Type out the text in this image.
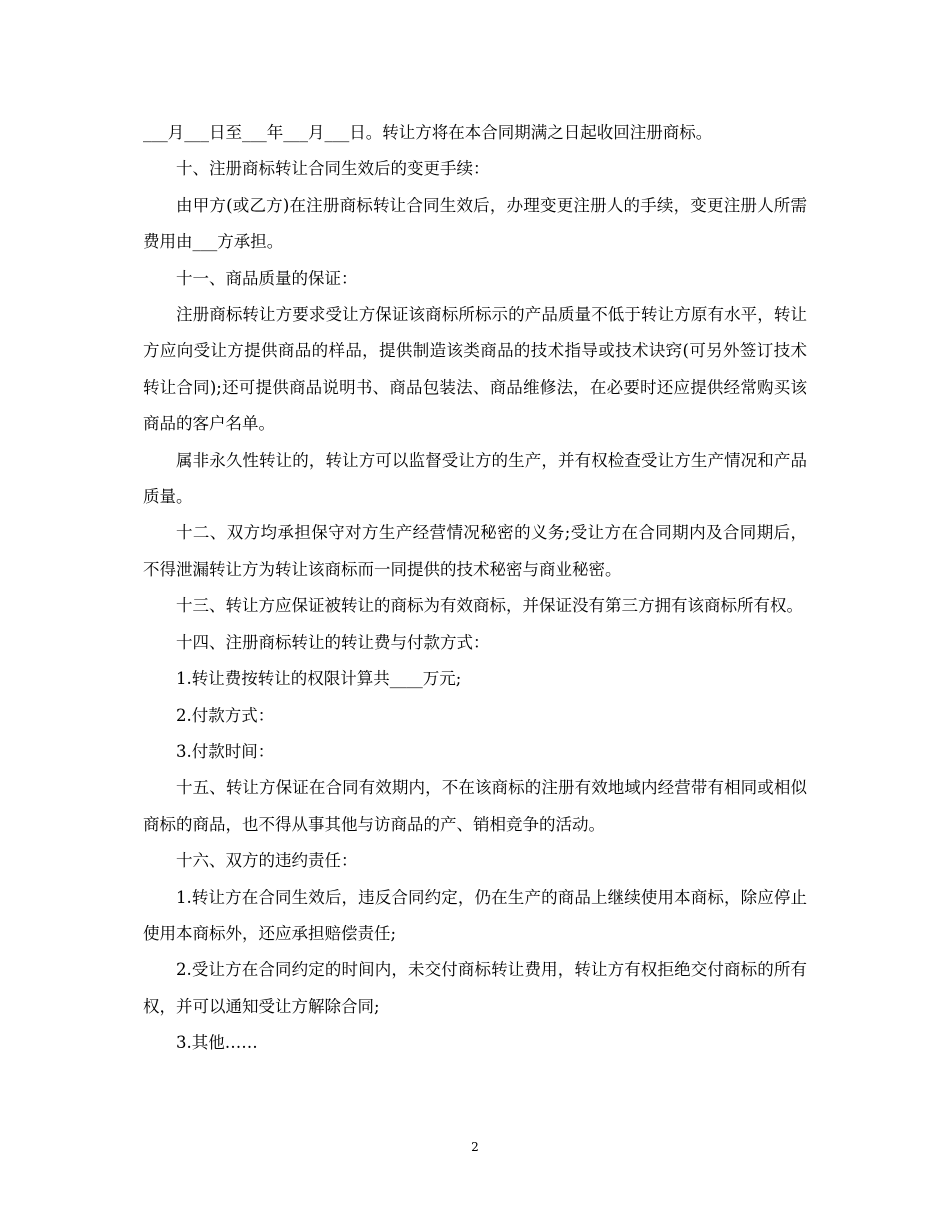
___月___日至___年___月___日。转让方将在本合同期满之日起收回注册商标。

十、注册商标转让合同生效后的变更手续：

由甲方(或乙方)在注册商标转让合同生效后，办理变更注册人的手续，变更注册人所需费用由___方承担。

十一、商品质量的保证：

注册商标转让方要求受让方保证该商标所标示的产品质量不低于转让方原有水平，转让方应向受让方提供商品的样品，提供制造该类商品的技术指导或技术诀窍(可另外签订技术转让合同);还可提供商品说明书、商品包装法、商品维修法，在必要时还应提供经常购买该商品的客户名单。

属非永久性转让的，转让方可以监督受让方的生产，并有权检查受让方生产情况和产品质量。

十二、双方均承担保守对方生产经营情况秘密的义务;受让方在合同期内及合同期后，不得泄漏转让方为转让该商标而一同提供的技术秘密与商业秘密。

十三、转让方应保证被转让的商标为有效商标，并保证没有第三方拥有该商标所有权。

十四、注册商标转让的转让费与付款方式：

1.转让费按转让的权限计算共____万元;

2.付款方式：

3.付款时间：

十五、转让方保证在合同有效期内，不在该商标的注册有效地域内经营带有相同或相似商标的商品，也不得从事其他与访商品的产、销相竞争的活动。

十六、双方的违约责任：

1.转让方在合同生效后，违反合同约定，仍在生产的商品上继续使用本商标，除应停止使用本商标外，还应承担赔偿责任;

2.受让方在合同约定的时间内，未交付商标转让费用，转让方有权拒绝交付商标的所有权，并可以通知受让方解除合同;

3.其他……

2
